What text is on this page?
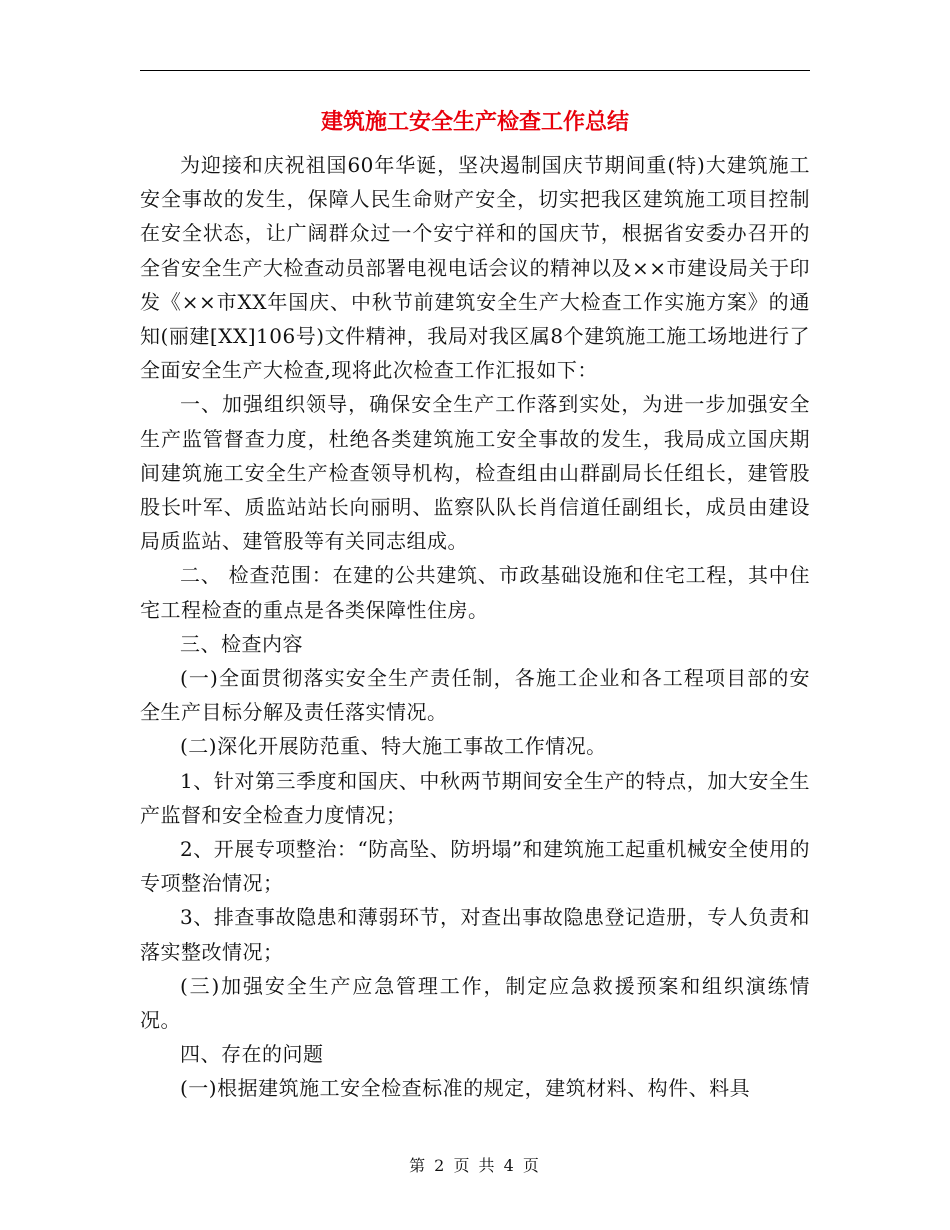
建筑施工安全生产检查工作总结

为迎接和庆祝祖国60年华诞，坚决遏制国庆节期间重(特)大建筑施工安全事故的发生，保障人民生命财产安全，切实把我区建筑施工项目控制在安全状态，让广阔群众过一个安宁祥和的国庆节，根据省安委办召开的全省安全生产大检查动员部署电视电话会议的精神以及××市建设局关于印发《××市XX年国庆、中秋节前建筑安全生产大检查工作实施方案》的通知(丽建[XX]106号)文件精神，我局对我区属8个建筑施工施工场地进行了全面安全生产大检查,现将此次检查工作汇报如下：

一、加强组织领导，确保安全生产工作落到实处，为进一步加强安全生产监管督查力度，杜绝各类建筑施工安全事故的发生，我局成立国庆期间建筑施工安全生产检查领导机构，检查组由山群副局长任组长，建管股股长叶军、质监站站长向丽明、监察队队长肖信道任副组长，成员由建设局质监站、建管股等有关同志组成。

二、 检查范围：在建的公共建筑、市政基础设施和住宅工程，其中住宅工程检查的重点是各类保障性住房。

三、检查内容

(一)全面贯彻落实安全生产责任制，各施工企业和各工程项目部的安全生产目标分解及责任落实情况。

(二)深化开展防范重、特大施工事故工作情况。

1、针对第三季度和国庆、中秋两节期间安全生产的特点，加大安全生产监督和安全检查力度情况；

2、开展专项整治：“防高坠、防坍塌”和建筑施工起重机械安全使用的专项整治情况；

3、排查事故隐患和薄弱环节，对查出事故隐患登记造册，专人负责和落实整改情况；

(三)加强安全生产应急管理工作，制定应急救援预案和组织演练情况。

四、存在的问题

(一)根据建筑施工安全检查标准的规定，建筑材料、构件、料具

第 2 页 共 4 页
